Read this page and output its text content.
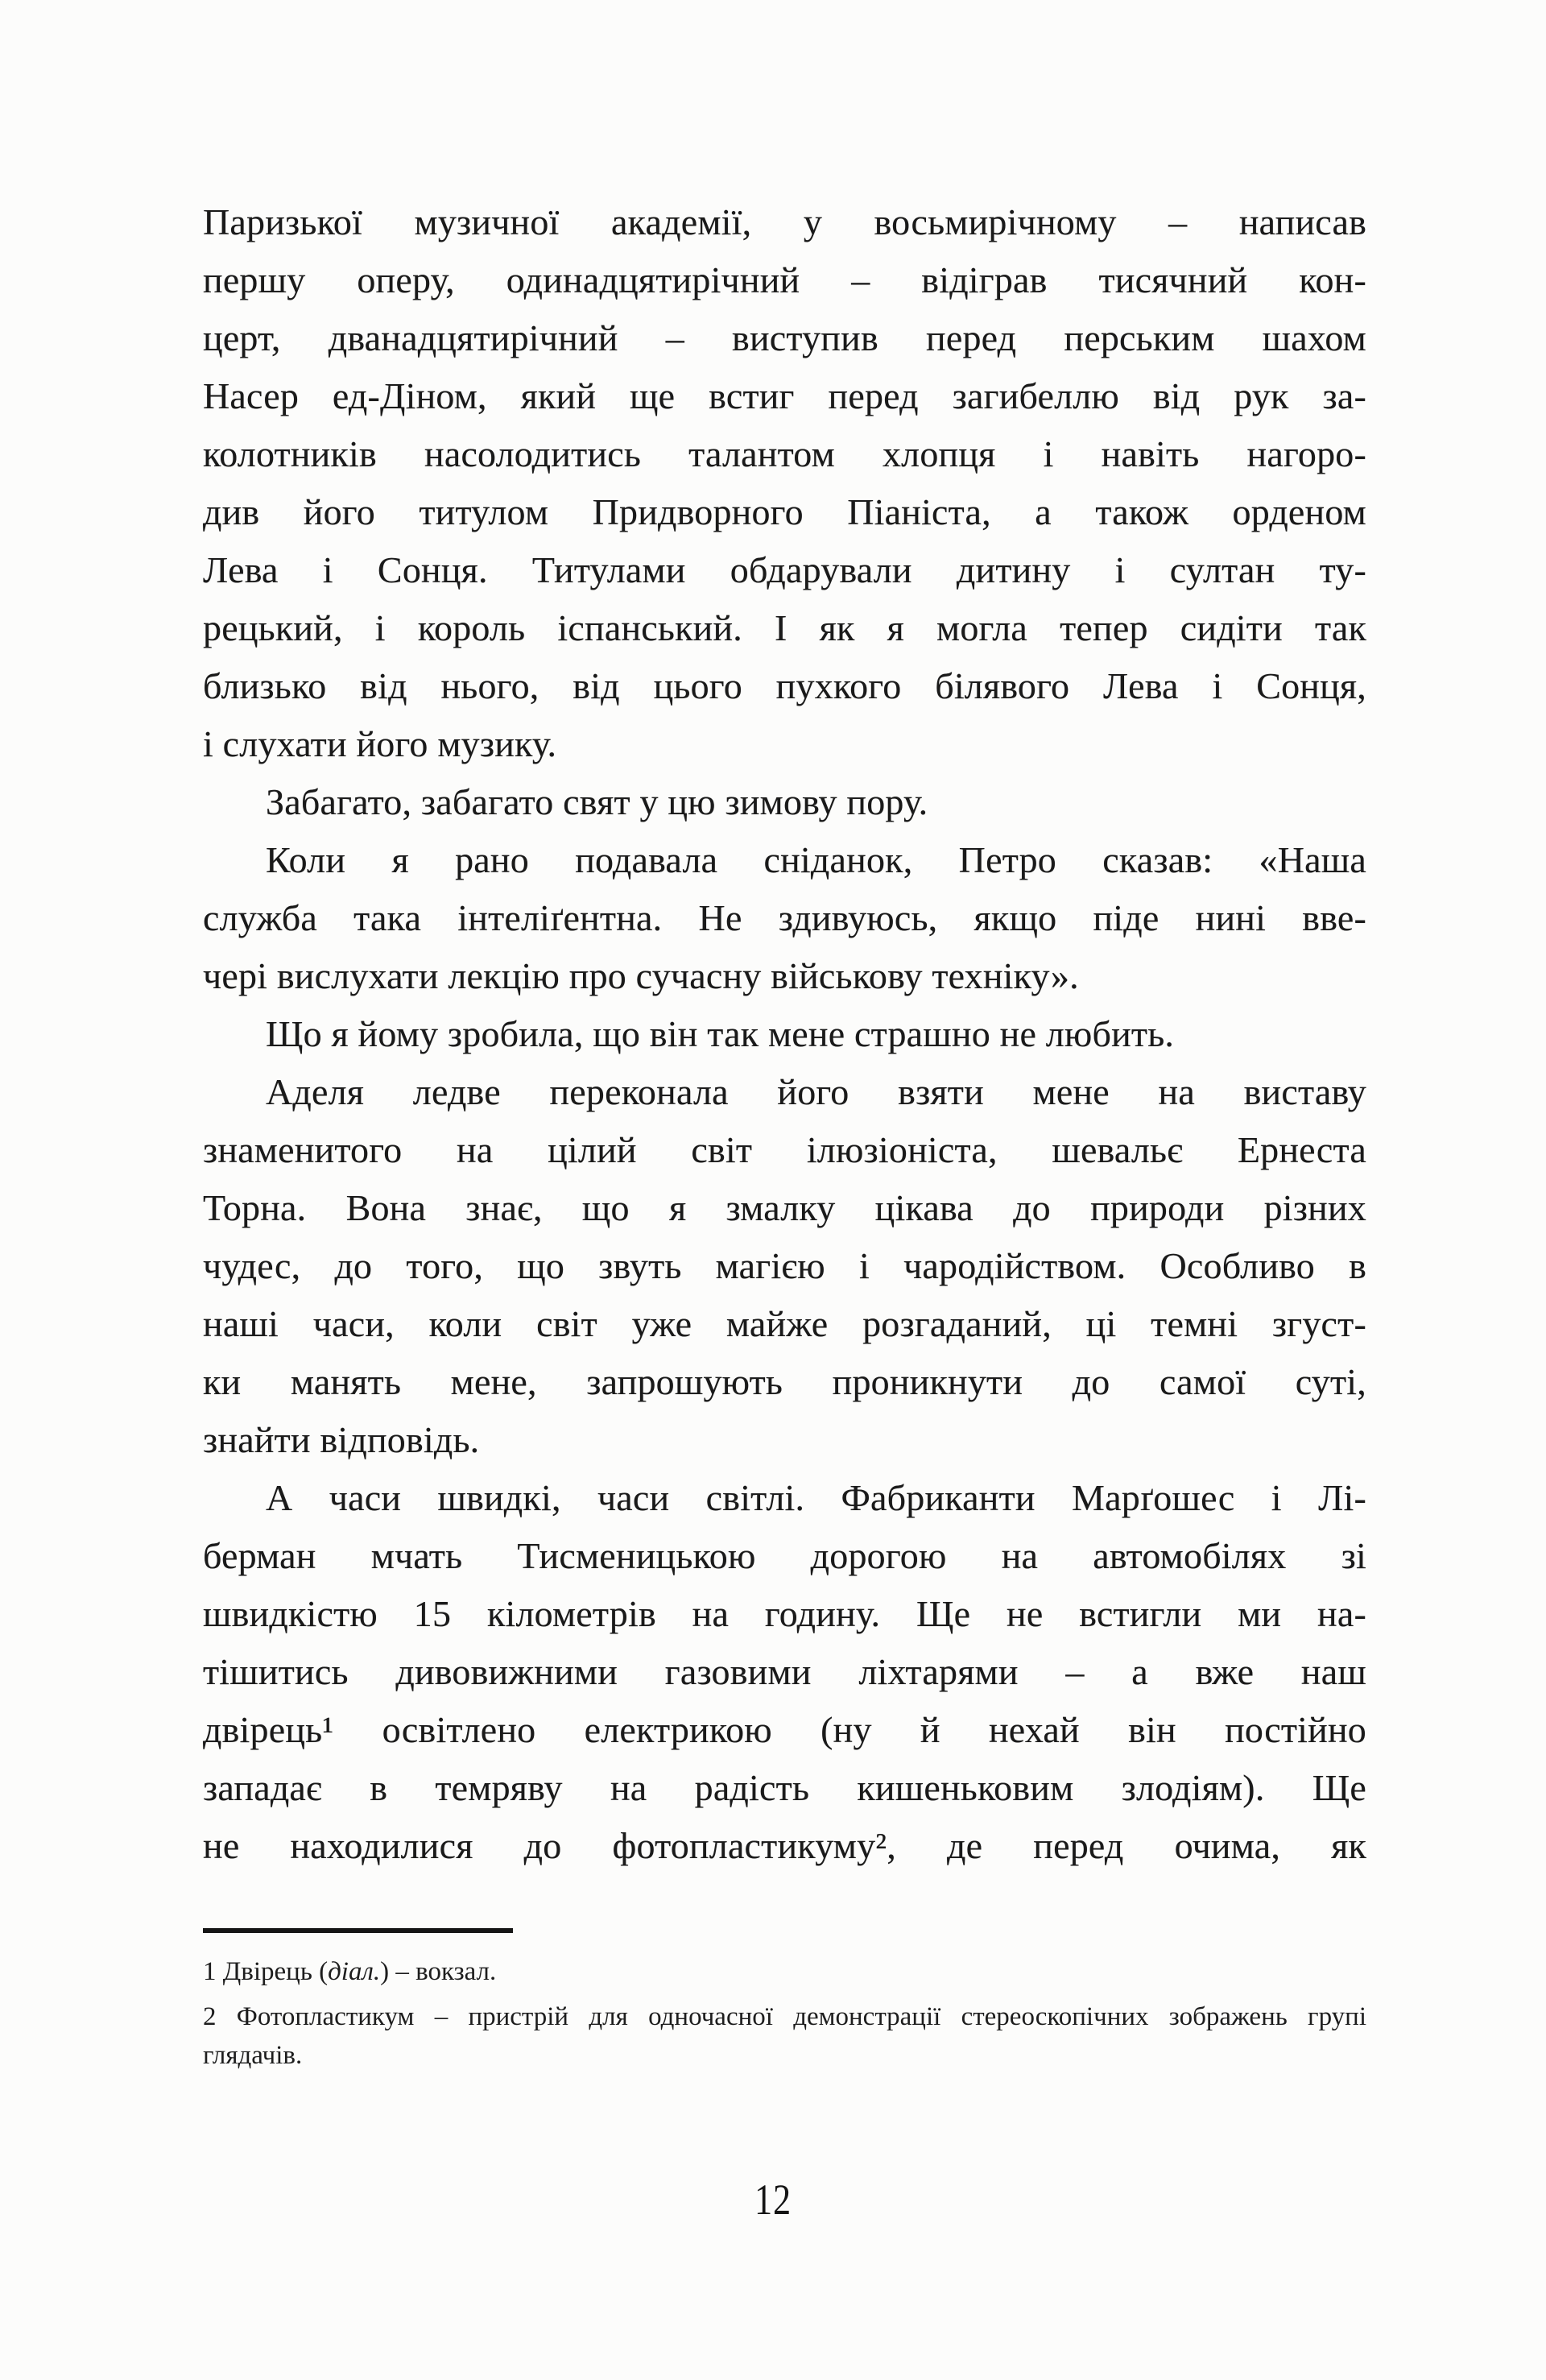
Паризької музичної академії, у восьмирічному – написав
першу оперу, одинадцятирічний – відіграв тисячний кон-
церт, дванадцятирічний – виступив перед перським шахом
Насер ед-Діном, який ще встиг перед загибеллю від рук за-
колотників насолодитись талантом хлопця і навіть нагоро-
див його титулом Придворного Піаніста, а також орденом
Лева і Сонця. Титулами обдарували дитину і султан ту-
рецький, і король іспанський. І як я могла тепер сидіти так
близько від нього, від цього пухкого білявого Лева і Сонця,
і слухати його музику.
Забагато, забагато свят у цю зимову пору.
Коли я рано подавала сніданок, Петро сказав: «Наша
служба така інтеліґентна. Не здивуюсь, якщо піде нині вве-
чері вислухати лекцію про сучасну військову техніку».
Що я йому зробила, що він так мене страшно не любить.
Аделя ледве переконала його взяти мене на виставу
знаменитого на цілий світ ілюзіоніста, шевальє Ернеста
Торна. Вона знає, що я змалку цікава до природи різних
чудес, до того, що звуть магією і чародійством. Особливо в
наші часи, коли світ уже майже розгаданий, ці темні згуст-
ки манять мене, запрошують проникнути до самої суті,
знайти відповідь.
А часи швидкі, часи світлі. Фабриканти Марґошес і Лі-
берман мчать Тисменицькою дорогою на автомобілях зі
швидкістю 15 кілометрів на годину. Ще не встигли ми на-
тішитись дивовижними газовими ліхтарями – а вже наш
двірець¹ освітлено електрикою (ну й нехай він постійно
западає в темряву на радість кишеньковим злодіям). Ще
не находилися до фотопластикуму², де перед очима, як

1 Двірець (діал.) – вокзал.

2 Фотопластикум – пристрій для одночасної демонстрації стереоскопічних зображень групі
глядачів.

12
